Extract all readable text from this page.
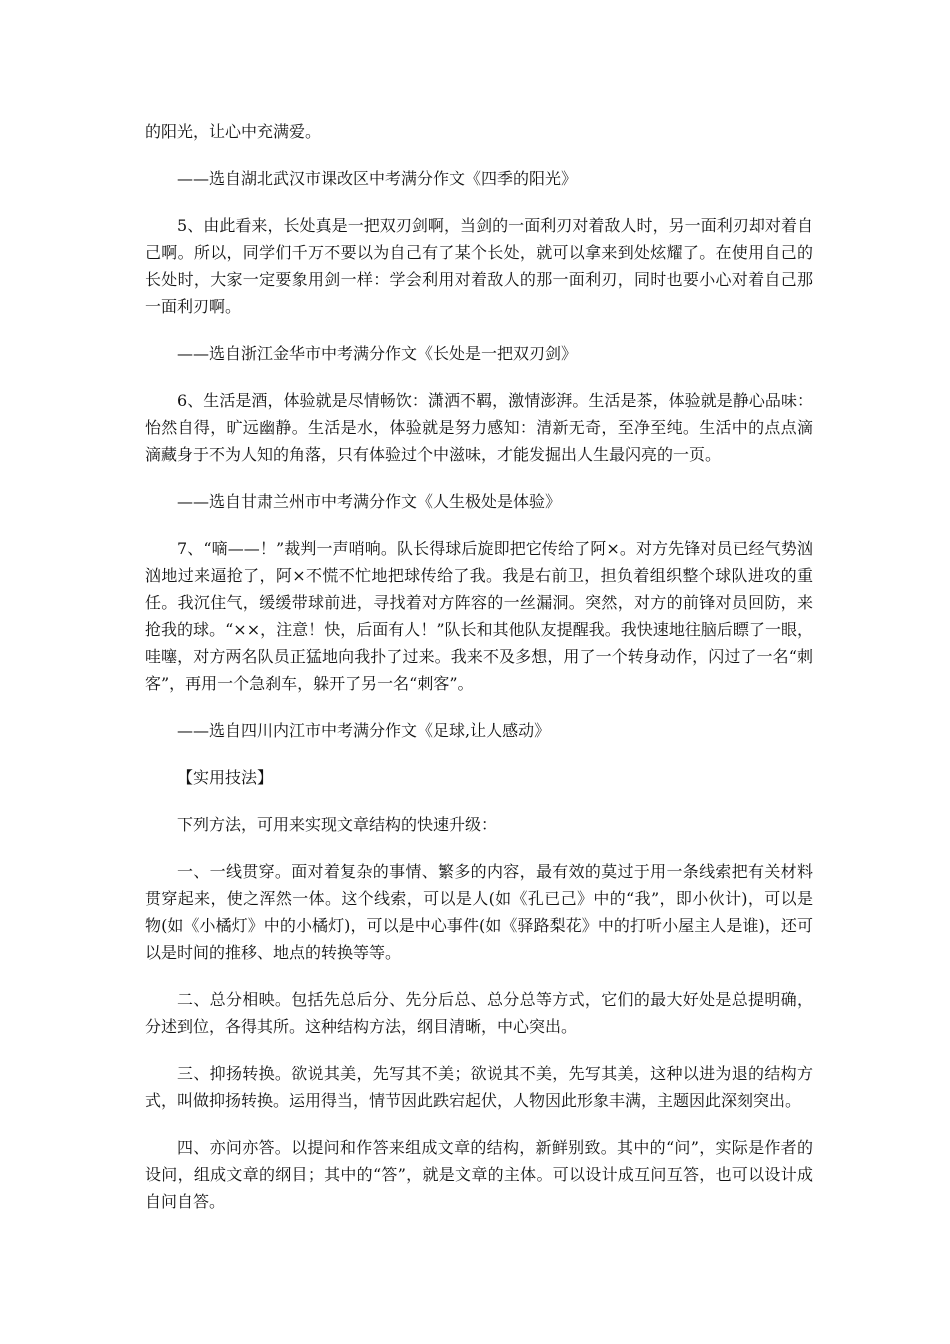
的阳光，让心中充满爱。

——选自湖北武汉市课改区中考满分作文《四季的阳光》

5、由此看来，长处真是一把双刃剑啊，当剑的一面利刃对着敌人时，另一面利刃却对着自己啊。所以，同学们千万不要以为自己有了某个长处，就可以拿来到处炫耀了。在使用自己的长处时，大家一定要象用剑一样：学会利用对着敌人的那一面利刃，同时也要小心对着自己那一面利刃啊。

——选自浙江金华市中考满分作文《长处是一把双刃剑》

6、生活是酒，体验就是尽情畅饮：潇洒不羁，激情澎湃。生活是茶，体验就是静心品味：怡然自得，旷远幽静。生活是水，体验就是努力感知：清新无奇，至净至纯。生活中的点点滴滴藏身于不为人知的角落，只有体验过个中滋味，才能发掘出人生最闪亮的一页。

——选自甘肃兰州市中考满分作文《人生极处是体验》

7、“嘀——！”裁判一声哨响。队长得球后旋即把它传给了阿×。对方先锋对员已经气势汹汹地过来逼抢了，阿×不慌不忙地把球传给了我。我是右前卫，担负着组织整个球队进攻的重任。我沉住气，缓缓带球前进，寻找着对方阵容的一丝漏洞。突然，对方的前锋对员回防，来抢我的球。“××，注意！快，后面有人！”队长和其他队友提醒我。我快速地往脑后瞟了一眼，哇噻，对方两名队员正猛地向我扑了过来。我来不及多想，用了一个转身动作，闪过了一名“刺客”，再用一个急刹车，躲开了另一名“刺客”。

——选自四川内江市中考满分作文《足球,让人感动》

【实用技法】

下列方法，可用来实现文章结构的快速升级：

一、一线贯穿。面对着复杂的事情、繁多的内容，最有效的莫过于用一条线索把有关材料贯穿起来，使之浑然一体。这个线索，可以是人(如《孔已己》中的“我”，即小伙计)，可以是物(如《小橘灯》中的小橘灯)，可以是中心事件(如《驿路梨花》中的打听小屋主人是谁)，还可以是时间的推移、地点的转换等等。

二、总分相映。包括先总后分、先分后总、总分总等方式，它们的最大好处是总提明确，分述到位，各得其所。这种结构方法，纲目清晰，中心突出。

三、抑扬转换。欲说其美，先写其不美；欲说其不美，先写其美，这种以进为退的结构方式，叫做抑扬转换。运用得当，情节因此跌宕起伏，人物因此形象丰满，主题因此深刻突出。

四、亦问亦答。以提问和作答来组成文章的结构，新鲜别致。其中的“问”，实际是作者的设问，组成文章的纲目；其中的“答”，就是文章的主体。可以设计成互问互答，也可以设计成自问自答。
